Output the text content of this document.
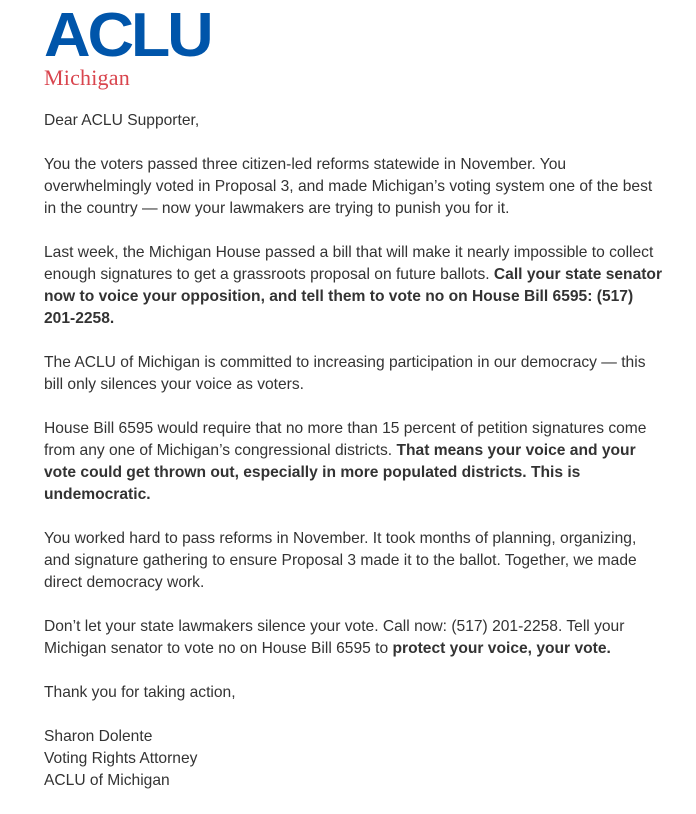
ACLU
Michigan

Dear ACLU Supporter,

You the voters passed three citizen-led reforms statewide in November. You overwhelmingly voted in Proposal 3, and made Michigan’s voting system one of the best in the country — now your lawmakers are trying to punish you for it.

Last week, the Michigan House passed a bill that will make it nearly impossible to collect enough signatures to get a grassroots proposal on future ballots. Call your state senator now to voice your opposition, and tell them to vote no on House Bill 6595: (517) 201-2258.

The ACLU of Michigan is committed to increasing participation in our democracy — this bill only silences your voice as voters.

House Bill 6595 would require that no more than 15 percent of petition signatures come from any one of Michigan’s congressional districts. That means your voice and your vote could get thrown out, especially in more populated districts. This is undemocratic.

You worked hard to pass reforms in November. It took months of planning, organizing, and signature gathering to ensure Proposal 3 made it to the ballot. Together, we made direct democracy work.

Don’t let your state lawmakers silence your vote. Call now: (517) 201-2258. Tell your Michigan senator to vote no on House Bill 6595 to protect your voice, your vote.

Thank you for taking action,

Sharon Dolente
Voting Rights Attorney
ACLU of Michigan
